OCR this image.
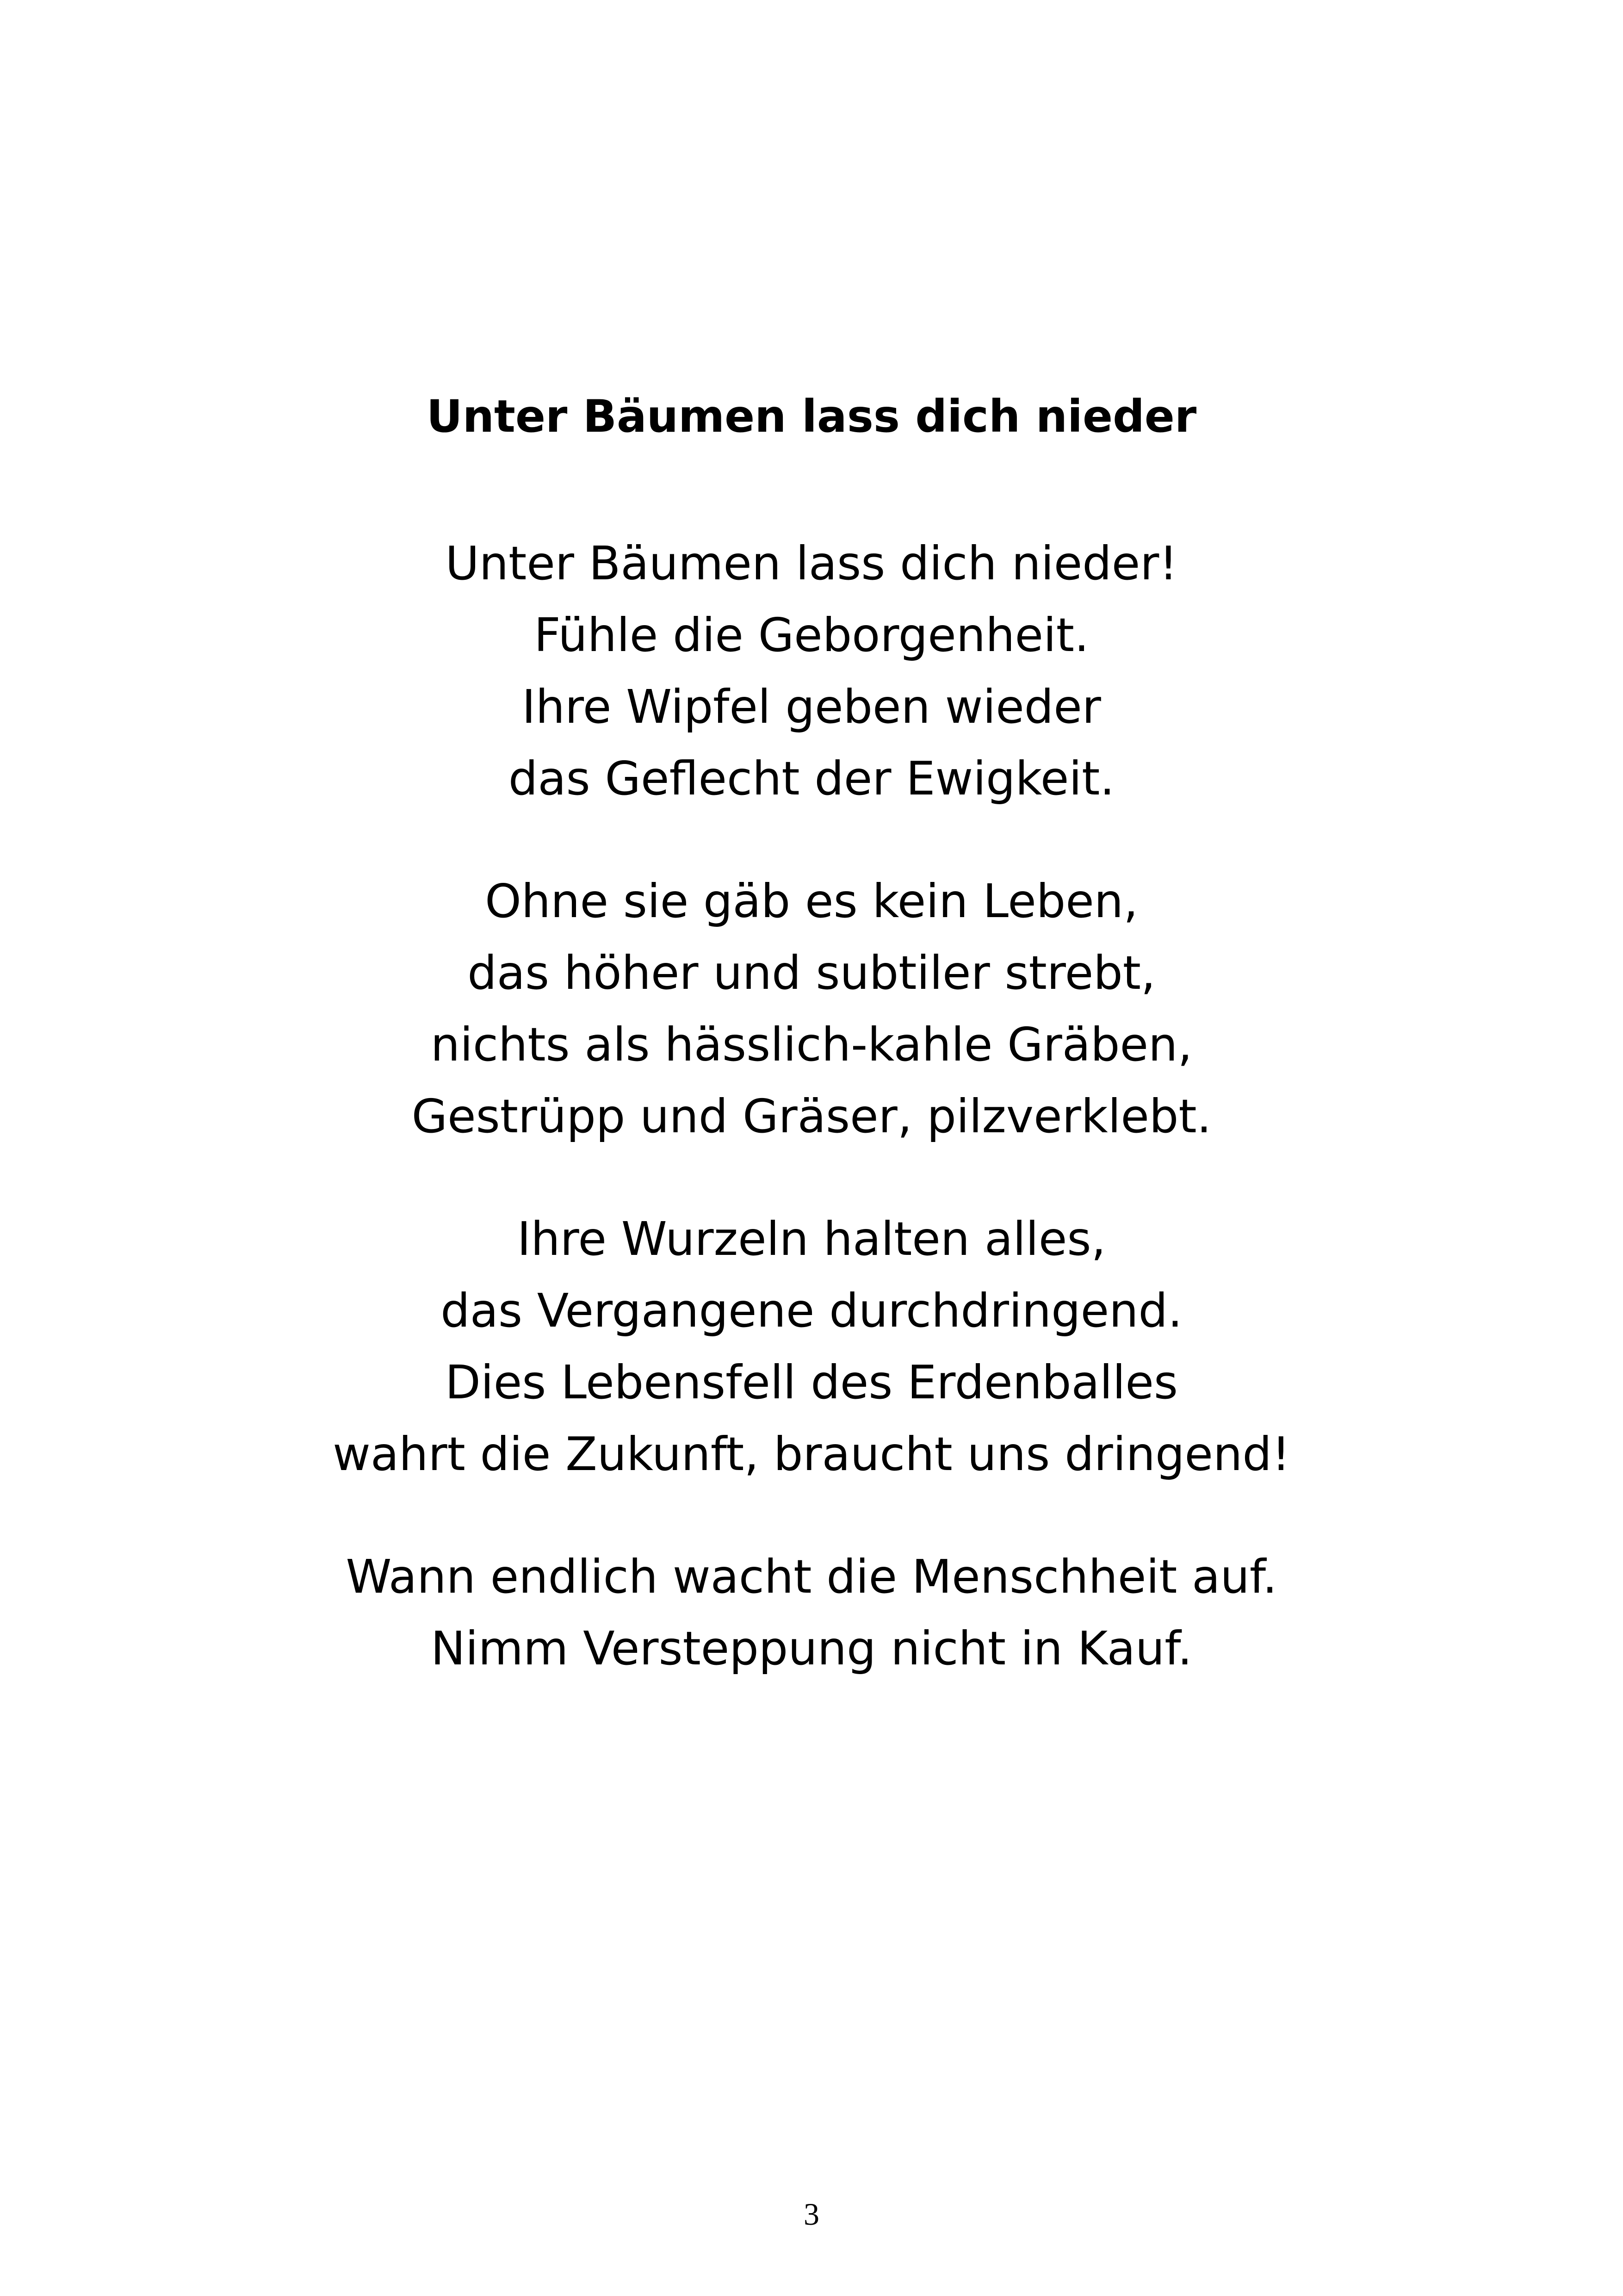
Unter Bäumen lass dich nieder
Unter Bäumen lass dich nieder!
Fühle die Geborgenheit.
Ihre Wipfel geben wieder
das Geflecht der Ewigkeit.
Ohne sie gäb es kein Leben,
das höher und subtiler strebt,
nichts als hässlich-kahle Gräben,
Gestrüpp und Gräser, pilzverklebt.
Ihre Wurzeln halten alles,
das Vergangene durchdringend.
Dies Lebensfell des Erdenballes
wahrt die Zukunft, braucht uns dringend!
Wann endlich wacht die Menschheit auf.
Nimm Versteppung nicht in Kauf.
3
